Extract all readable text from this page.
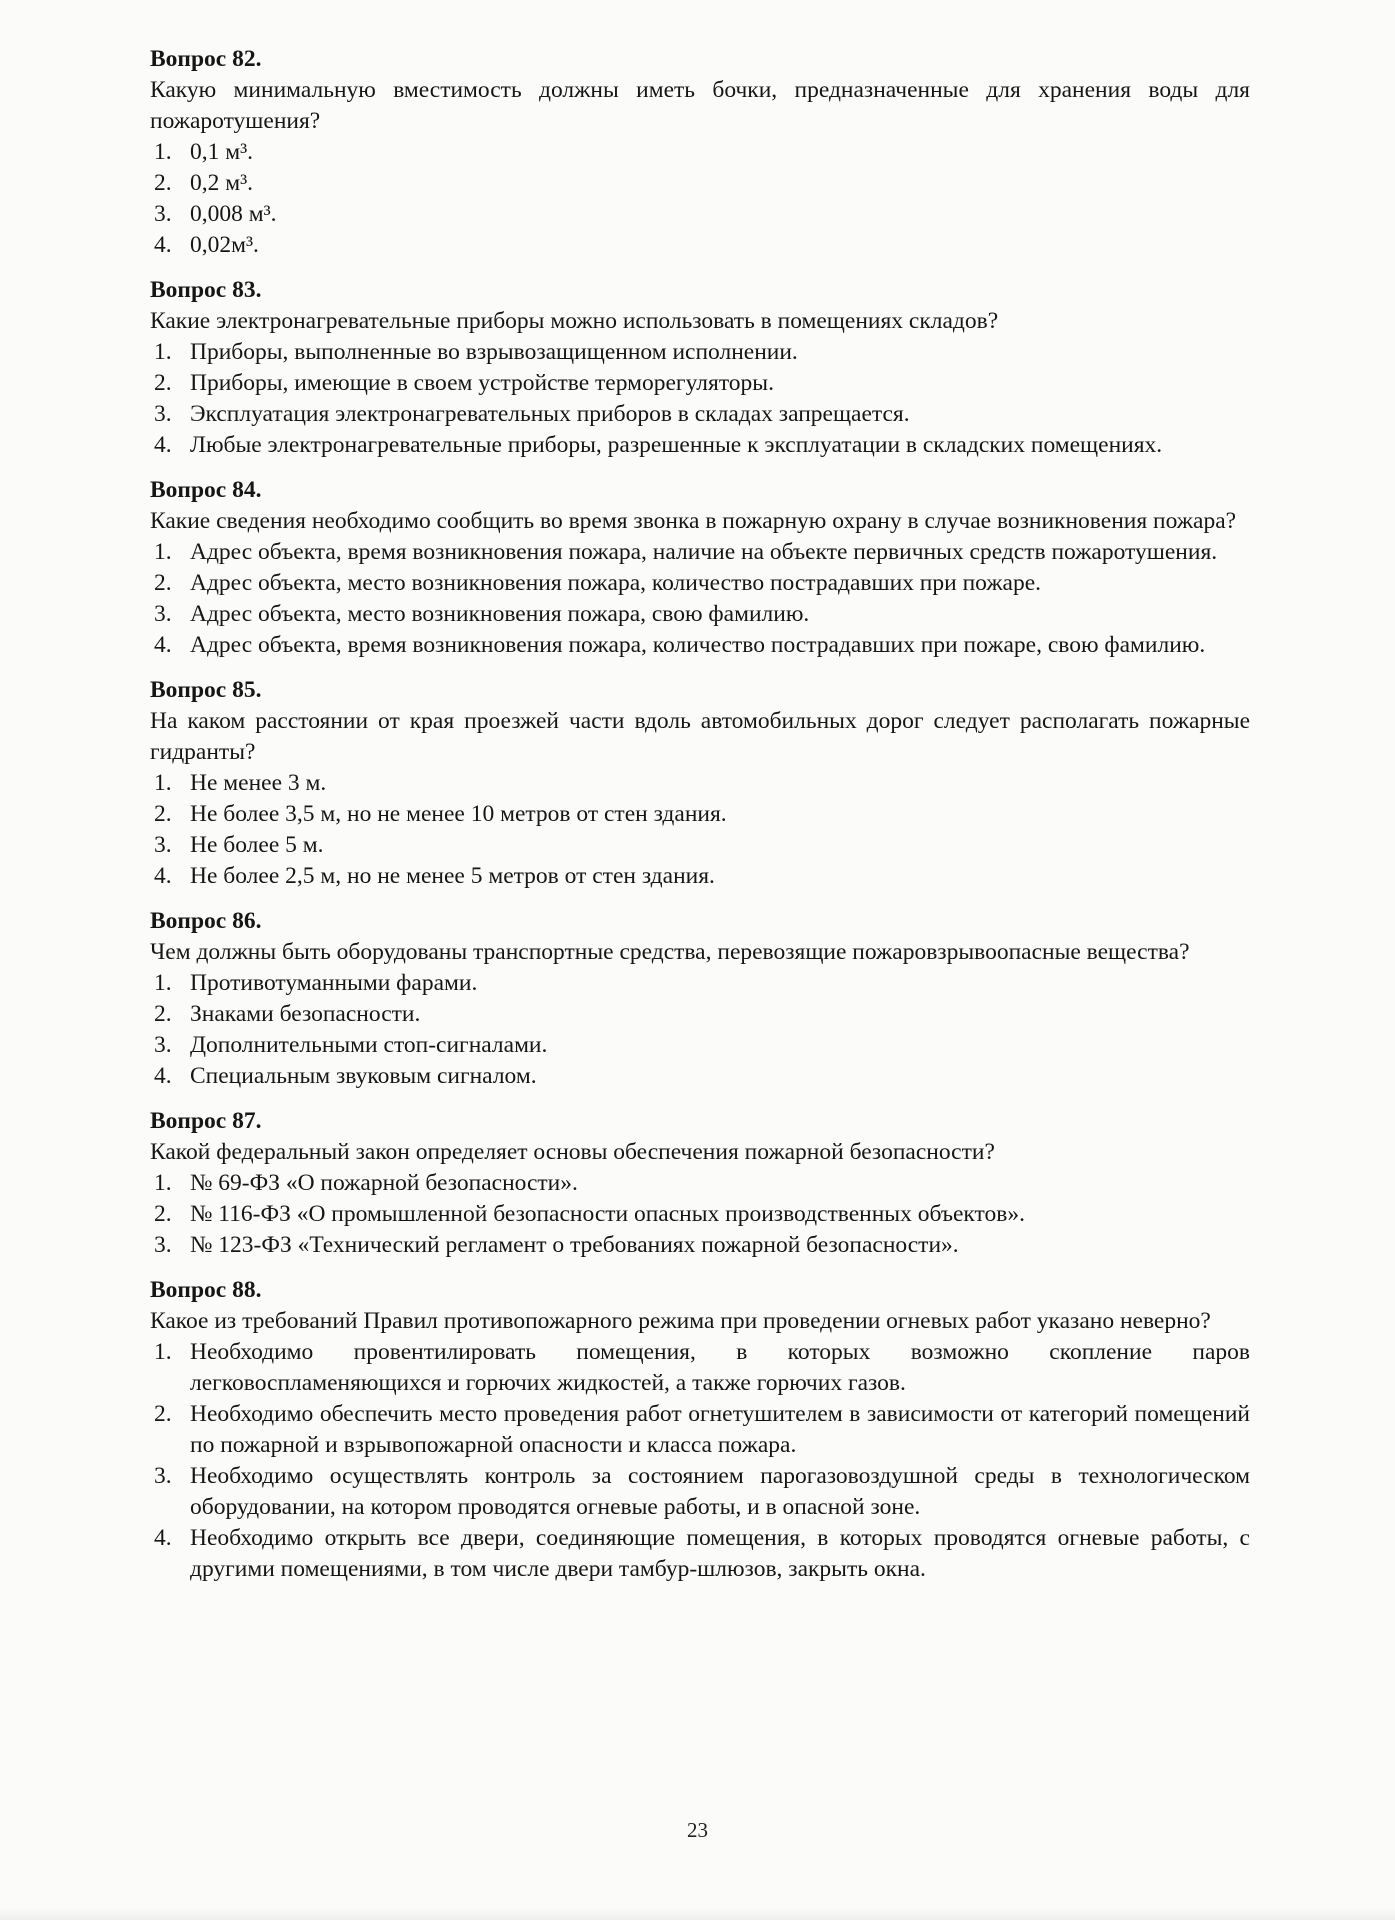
Вопрос 82.
Какую минимальную вместимость должны иметь бочки, предназначенные для хранения воды для пожаротушения?
1. 0,1 м³.
2. 0,2 м³.
3. 0,008 м³.
4. 0,02м³.
Вопрос 83.
Какие электронагревательные приборы можно использовать в помещениях складов?
1. Приборы, выполненные во взрывозащищенном исполнении.
2. Приборы, имеющие в своем устройстве терморегуляторы.
3. Эксплуатация электронагревательных приборов в складах запрещается.
4. Любые электронагревательные приборы, разрешенные к эксплуатации в складских помещениях.
Вопрос 84.
Какие сведения необходимо сообщить во время звонка в пожарную охрану в случае возникновения пожара?
1. Адрес объекта, время возникновения пожара, наличие на объекте первичных средств пожаротушения.
2. Адрес объекта, место возникновения пожара, количество пострадавших при пожаре.
3. Адрес объекта, место возникновения пожара, свою фамилию.
4. Адрес объекта, время возникновения пожара, количество пострадавших при пожаре, свою фамилию.
Вопрос 85.
На каком расстоянии от края проезжей части вдоль автомобильных дорог следует располагать пожарные гидранты?
1. Не менее 3 м.
2. Не более 3,5 м, но не менее 10 метров от стен здания.
3. Не более 5 м.
4. Не более 2,5 м, но не менее 5 метров от стен здания.
Вопрос 86.
Чем должны быть оборудованы транспортные средства, перевозящие пожаровзрывоопасные вещества?
1. Противотуманными фарами.
2. Знаками безопасности.
3. Дополнительными стоп-сигналами.
4. Специальным звуковым сигналом.
Вопрос 87.
Какой федеральный закон определяет основы обеспечения пожарной безопасности?
1. № 69-ФЗ «О пожарной безопасности».
2. № 116-ФЗ «О промышленной безопасности опасных производственных объектов».
3. № 123-ФЗ «Технический регламент о требованиях пожарной безопасности».
Вопрос 88.
Какое из требований Правил противопожарного режима при проведении огневых работ указано неверно?
1. Необходимо провентилировать помещения, в которых возможно скопление паров легковоспламеняющихся и горючих жидкостей, а также горючих газов.
2. Необходимо обеспечить место проведения работ огнетушителем в зависимости от категорий помещений по пожарной и взрывопожарной опасности и класса пожара.
3. Необходимо осуществлять контроль за состоянием парогазовоздушной среды в технологическом оборудовании, на котором проводятся огневые работы, и в опасной зоне.
4. Необходимо открыть все двери, соединяющие помещения, в которых проводятся огневые работы, с другими помещениями, в том числе двери тамбур-шлюзов, закрыть окна.
23
